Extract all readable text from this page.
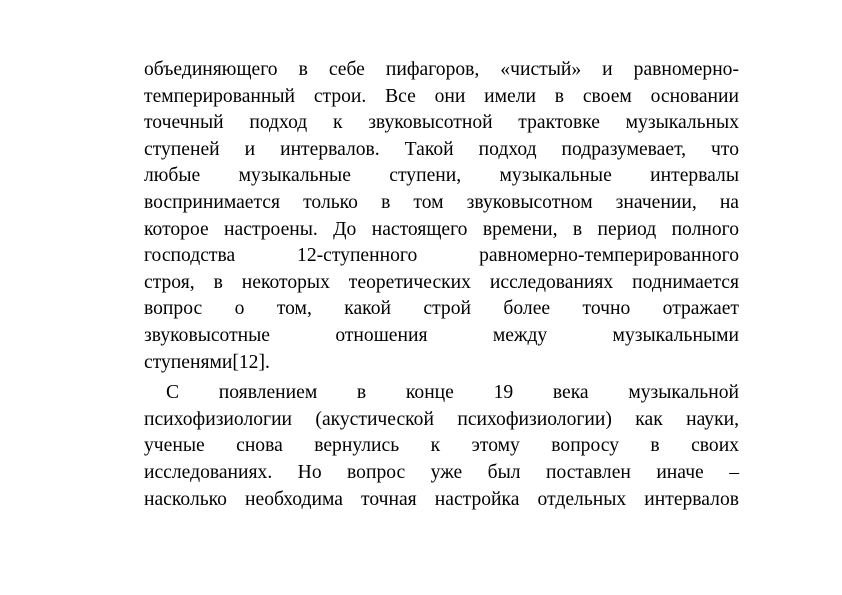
объединяющего в себе пифагоров, «чистый» и равномерно-
темперированный строи. Все они имели в своем основании
точечный подход к звуковысотной трактовке музыкальных
ступеней и интервалов. Такой подход подразумевает, что
любые музыкальные ступени, музыкальные интервалы
воспринимается только в том звуковысотном значении, на
которое настроены. До настоящего времени, в период полного
господства 12-ступенного равномерно-темперированного
строя, в некоторых теоретических исследованиях поднимается
вопрос о том, какой строй более точно отражает
звуковысотные отношения между музыкальными
ступенями[12].
С появлением в конце 19 века музыкальной
психофизиологии (акустической психофизиологии) как науки,
ученые снова вернулись к этому вопросу в своих
исследованиях. Но вопрос уже был поставлен иначе –
насколько необходима точная настройка отдельных интервалов
